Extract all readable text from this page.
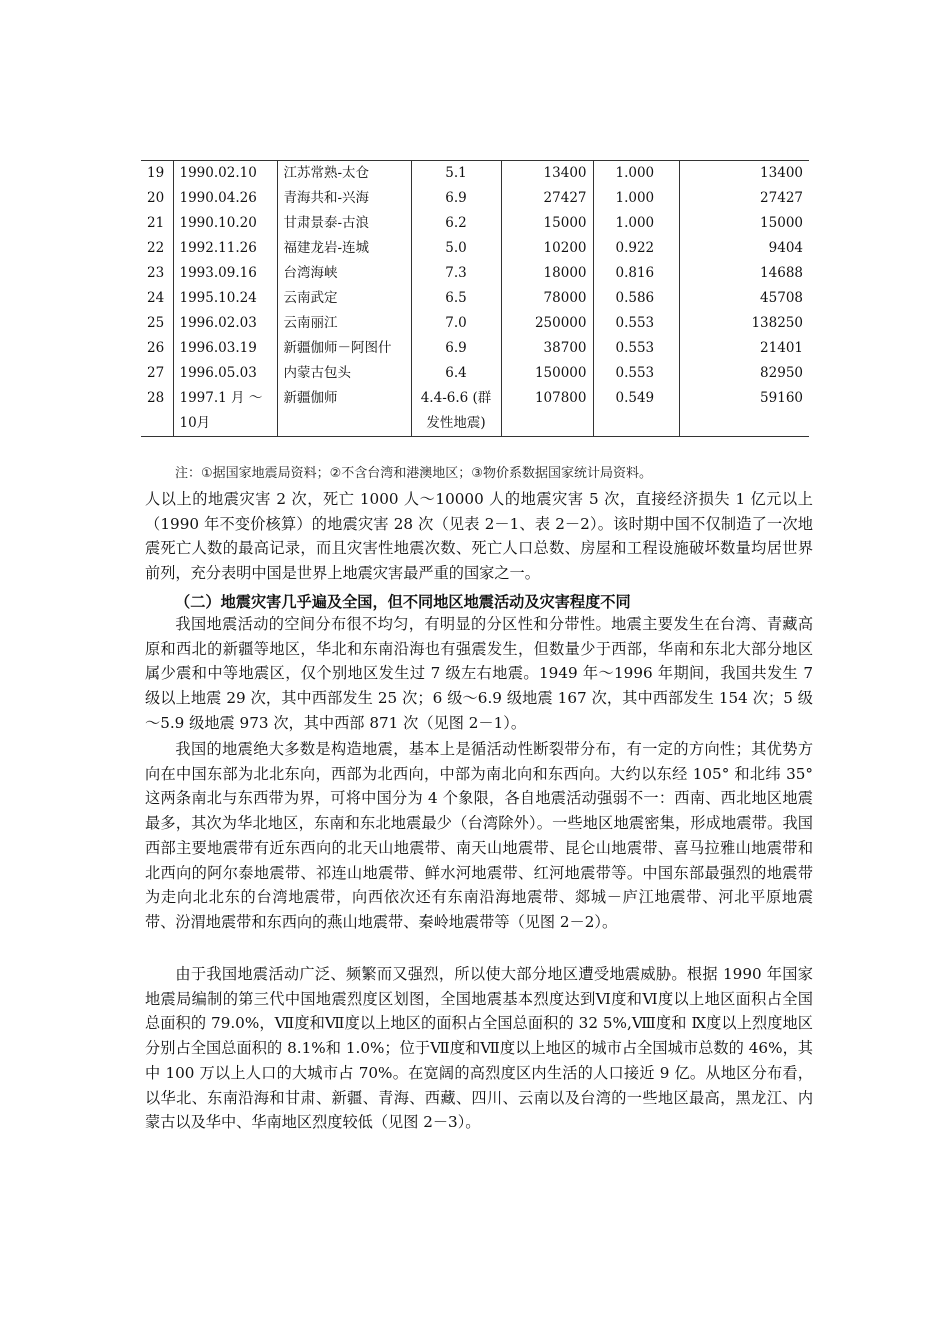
19	1990.02.10	江苏常熟-太仓	5.1	13400	1.000	13400
20	1990.04.26	青海共和-兴海	6.9	27427	1.000	27427
21	1990.10.20	甘肃景泰-古浪	6.2	15000	1.000	15000
22	1992.11.26	福建龙岩-连城	5.0	10200	0.922	9404
23	1993.09.16	台湾海峡	7.3	18000	0.816	14688
24	1995.10.24	云南武定	6.5	78000	0.586	45708
25	1996.02.03	云南丽江	7.0	250000	0.553	138250
26	1996.03.19	新疆伽师－阿图什	6.9	38700	0.553	21401
27	1996.05.03	内蒙古包头	6.4	150000	0.553	82950
28	1997.1 月 ～ 10月	新疆伽师	4.4-6.6 (群发性地震)	107800	0.549	59160
注：①据国家地震局资料；②不含台湾和港澳地区；③物价系数据国家统计局资料。

人以上的地震灾害 2 次，死亡 1000 人～10000 人的地震灾害 5 次，直接经济损失 1 亿元以上（1990 年不变价核算）的地震灾害 28 次（见表 2－1、表 2－2）。该时期中国不仅制造了一次地震死亡人数的最高记录，而且灾害性地震次数、死亡人口总数、房屋和工程设施破坏数量均居世界前列，充分表明中国是世界上地震灾害最严重的国家之一。

（二）地震灾害几乎遍及全国，但不同地区地震活动及灾害程度不同

我国地震活动的空间分布很不均匀，有明显的分区性和分带性。地震主要发生在台湾、青藏高原和西北的新疆等地区，华北和东南沿海也有强震发生，但数量少于西部，华南和东北大部分地区属少震和中等地震区，仅个别地区发生过 7 级左右地震。1949 年～1996 年期间，我国共发生 7 级以上地震 29 次，其中西部发生 25 次；6 级～6.9 级地震 167 次，其中西部发生 154 次；5 级～5.9 级地震 973 次，其中西部 871 次（见图 2－1）。

我国的地震绝大多数是构造地震，基本上是循活动性断裂带分布，有一定的方向性；其优势方向在中国东部为北北东向，西部为北西向，中部为南北向和东西向。大约以东经 105° 和北纬 35° 这两条南北与东西带为界，可将中国分为 4 个象限，各自地震活动强弱不一：西南、西北地区地震最多，其次为华北地区，东南和东北地震最少（台湾除外）。一些地区地震密集，形成地震带。我国西部主要地震带有近东西向的北天山地震带、南天山地震带、昆仑山地震带、喜马拉雅山地震带和北西向的阿尔泰地震带、祁连山地震带、鲜水河地震带、红河地震带等。中国东部最强烈的地震带为走向北北东的台湾地震带，向西依次还有东南沿海地震带、郯城－庐江地震带、河北平原地震带、汾渭地震带和东西向的燕山地震带、秦岭地震带等（见图 2－2）。

由于我国地震活动广泛、频繁而又强烈，所以使大部分地区遭受地震威胁。根据 1990 年国家地震局编制的第三代中国地震烈度区划图，全国地震基本烈度达到Ⅵ度和Ⅵ度以上地区面积占全国总面积的 79.0%，Ⅶ度和Ⅶ度以上地区的面积占全国总面积的 32 5%,Ⅷ度和 Ⅸ度以上烈度地区分别占全国总面积的 8.1%和 1.0%；位于Ⅶ度和Ⅶ度以上地区的城市占全国城市总数的 46%，其中 100 万以上人口的大城市占 70%。在宽阔的高烈度区内生活的人口接近 9 亿。从地区分布看，以华北、东南沿海和甘肃、新疆、青海、西藏、四川、云南以及台湾的一些地区最高，黑龙江、内蒙古以及华中、华南地区烈度较低（见图 2－3）。
